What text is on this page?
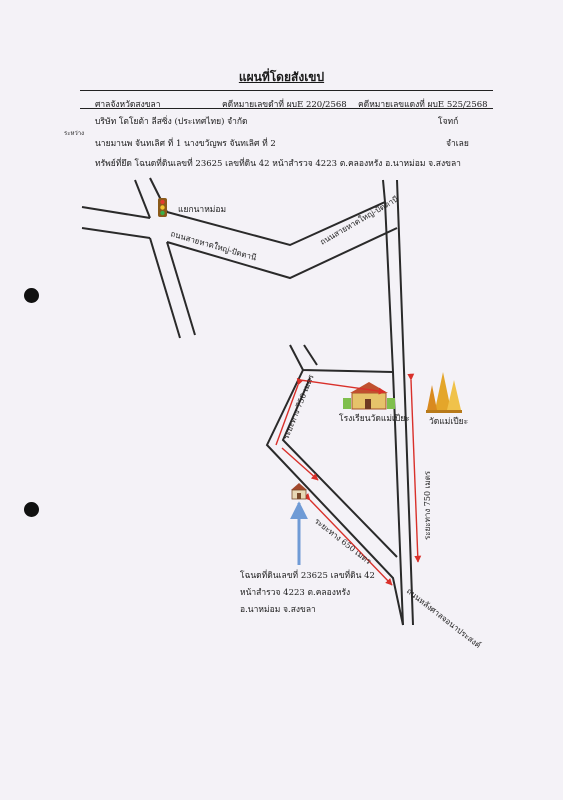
แผนที่โดยสังเขป
ศาลจังหวัดสงขลา	คดีหมายเลขดำที่ ผบE 220/2568 คดีหมายเลขแดงที่ ผบE 525/2568
ระหว่าง
บริษัท โตโยต้า ลีสซิ่ง (ประเทศไทย) จำกัด	โจทก์
นายมานพ จันทเลิศ ที่ 1 นางขวัญพร จันทเลิศ ที่ 2	จำเลย
ทรัพย์ที่ยึด โฉนดที่ดินเลขที่ 23625 เลขที่ดิน 42 หน้าสำรวจ 4223 ต.คลองหรัง อ.นาหม่อม จ.สงขลา
แยกนาหม่อม
ถนนสายหาดใหญ่-ปัตตานี	ถนนสายหาดใหญ่-ปัตตานี
โรงเรียนวัดแม่เปียะ วัดแม่เปียะ
ระยะทาง 750 เมตร
ระยะทาง 750 เมตร
ระยะทาง 650 เมตร
ถนนหลังศาลจอนาประสงค์
โฉนดที่ดินเลขที่ 23625 เลขที่ดิน 42
หน้าสำรวจ 4223 ต.คลองหรัง
อ.นาหม่อม จ.สงขลา
